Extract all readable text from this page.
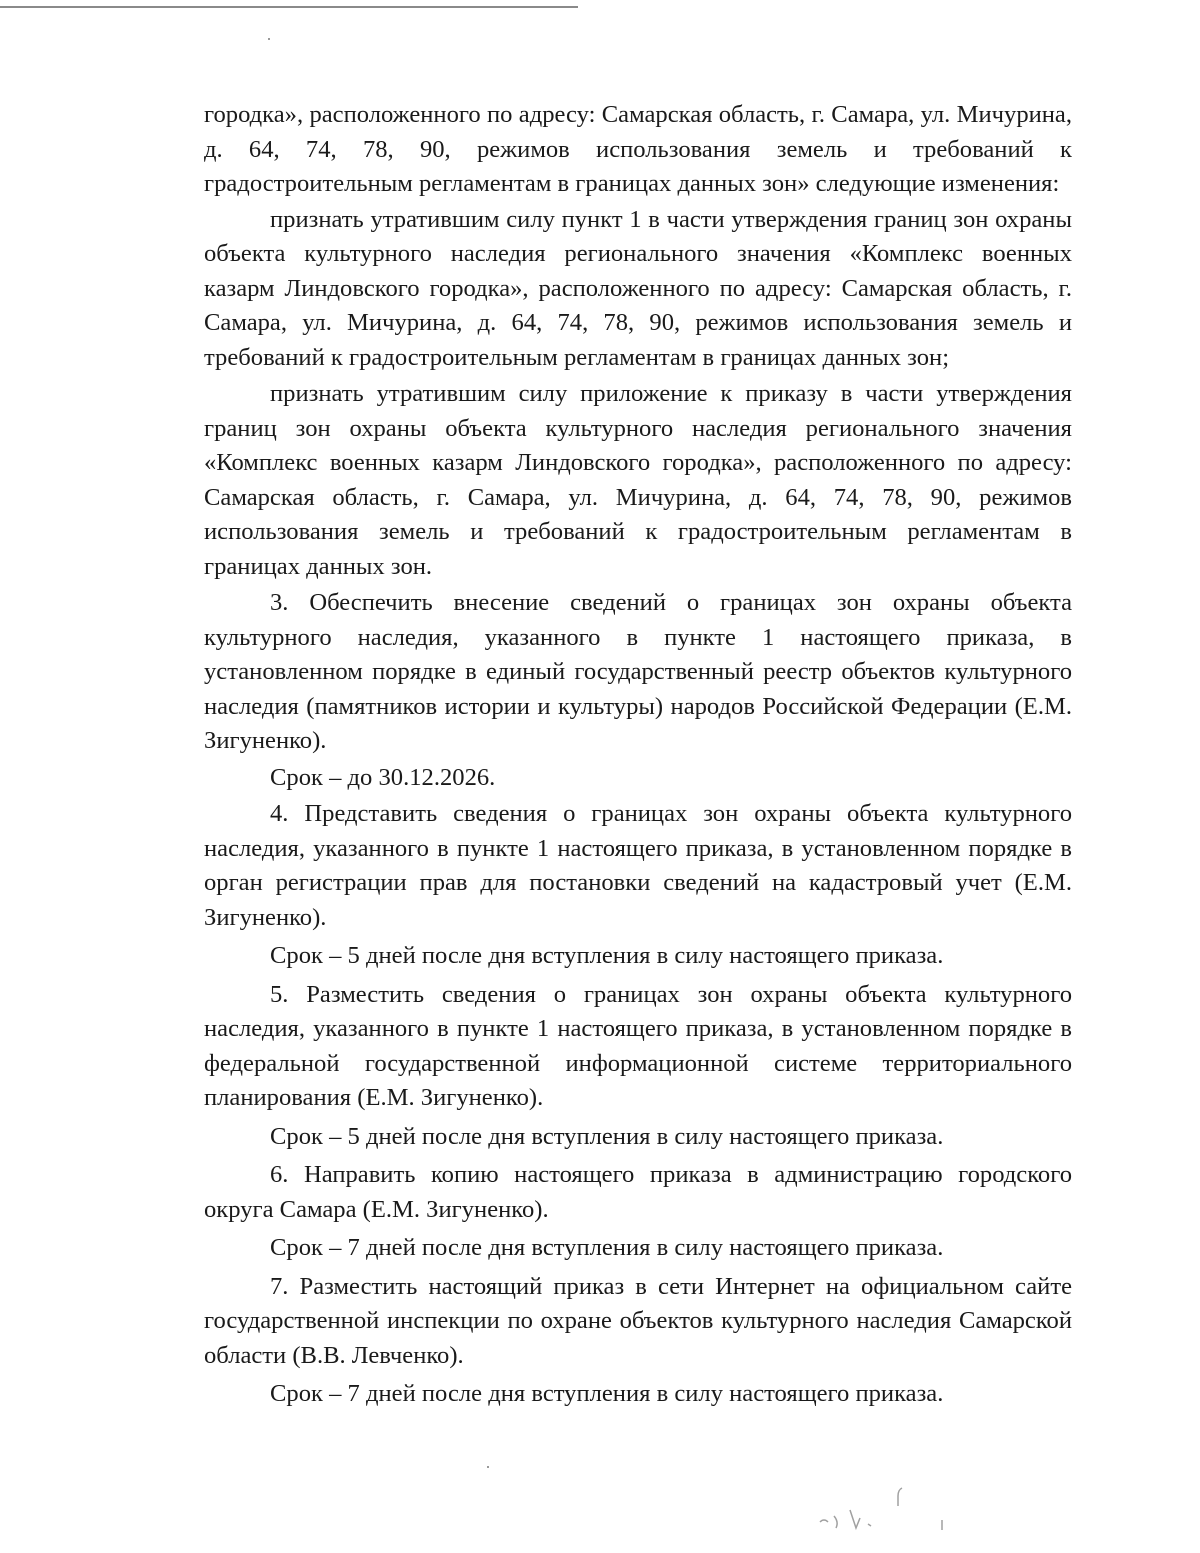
городка», расположенного по адресу: Самарская область, г. Самара, ул. Мичурина, д. 64, 74, 78, 90, режимов использования земель и требований к градостроительным регламентам в границах данных зон» следующие изменения:

признать утратившим силу пункт 1 в части утверждения границ зон охраны объекта культурного наследия регионального значения «Комплекс военных казарм Линдовского городка», расположенного по адресу: Самарская область, г. Самара, ул. Мичурина, д. 64, 74, 78, 90, режимов использования земель и требований к градостроительным регламентам в границах данных зон;

признать утратившим силу приложение к приказу в части утверждения границ зон охраны объекта культурного наследия регионального значения «Комплекс военных казарм Линдовского городка», расположенного по адресу: Самарская область, г. Самара, ул. Мичурина, д. 64, 74, 78, 90, режимов использования земель и требований к градостроительным регламентам в границах данных зон.

3. Обеспечить внесение сведений о границах зон охраны объекта культурного наследия, указанного в пункте 1 настоящего приказа, в установленном порядке в единый государственный реестр объектов культурного наследия (памятников истории и культуры) народов Российской Федерации (Е.М. Зигуненко).

Срок – до 30.12.2026.

4. Представить сведения о границах зон охраны объекта культурного наследия, указанного в пункте 1 настоящего приказа, в установленном порядке в орган регистрации прав для постановки сведений на кадастровый учет (Е.М. Зигуненко).

Срок – 5 дней после дня вступления в силу настоящего приказа.

5. Разместить сведения о границах зон охраны объекта культурного наследия, указанного в пункте 1 настоящего приказа, в установленном порядке в федеральной государственной информационной системе территориального планирования (Е.М. Зигуненко).

Срок – 5 дней после дня вступления в силу настоящего приказа.

6. Направить копию настоящего приказа в администрацию городского округа Самара (Е.М. Зигуненко).

Срок – 7 дней после дня вступления в силу настоящего приказа.

7. Разместить настоящий приказ в сети Интернет на официальном сайте государственной инспекции по охране объектов культурного наследия Самарской области (В.В. Левченко).

Срок – 7 дней после дня вступления в силу настоящего приказа.
